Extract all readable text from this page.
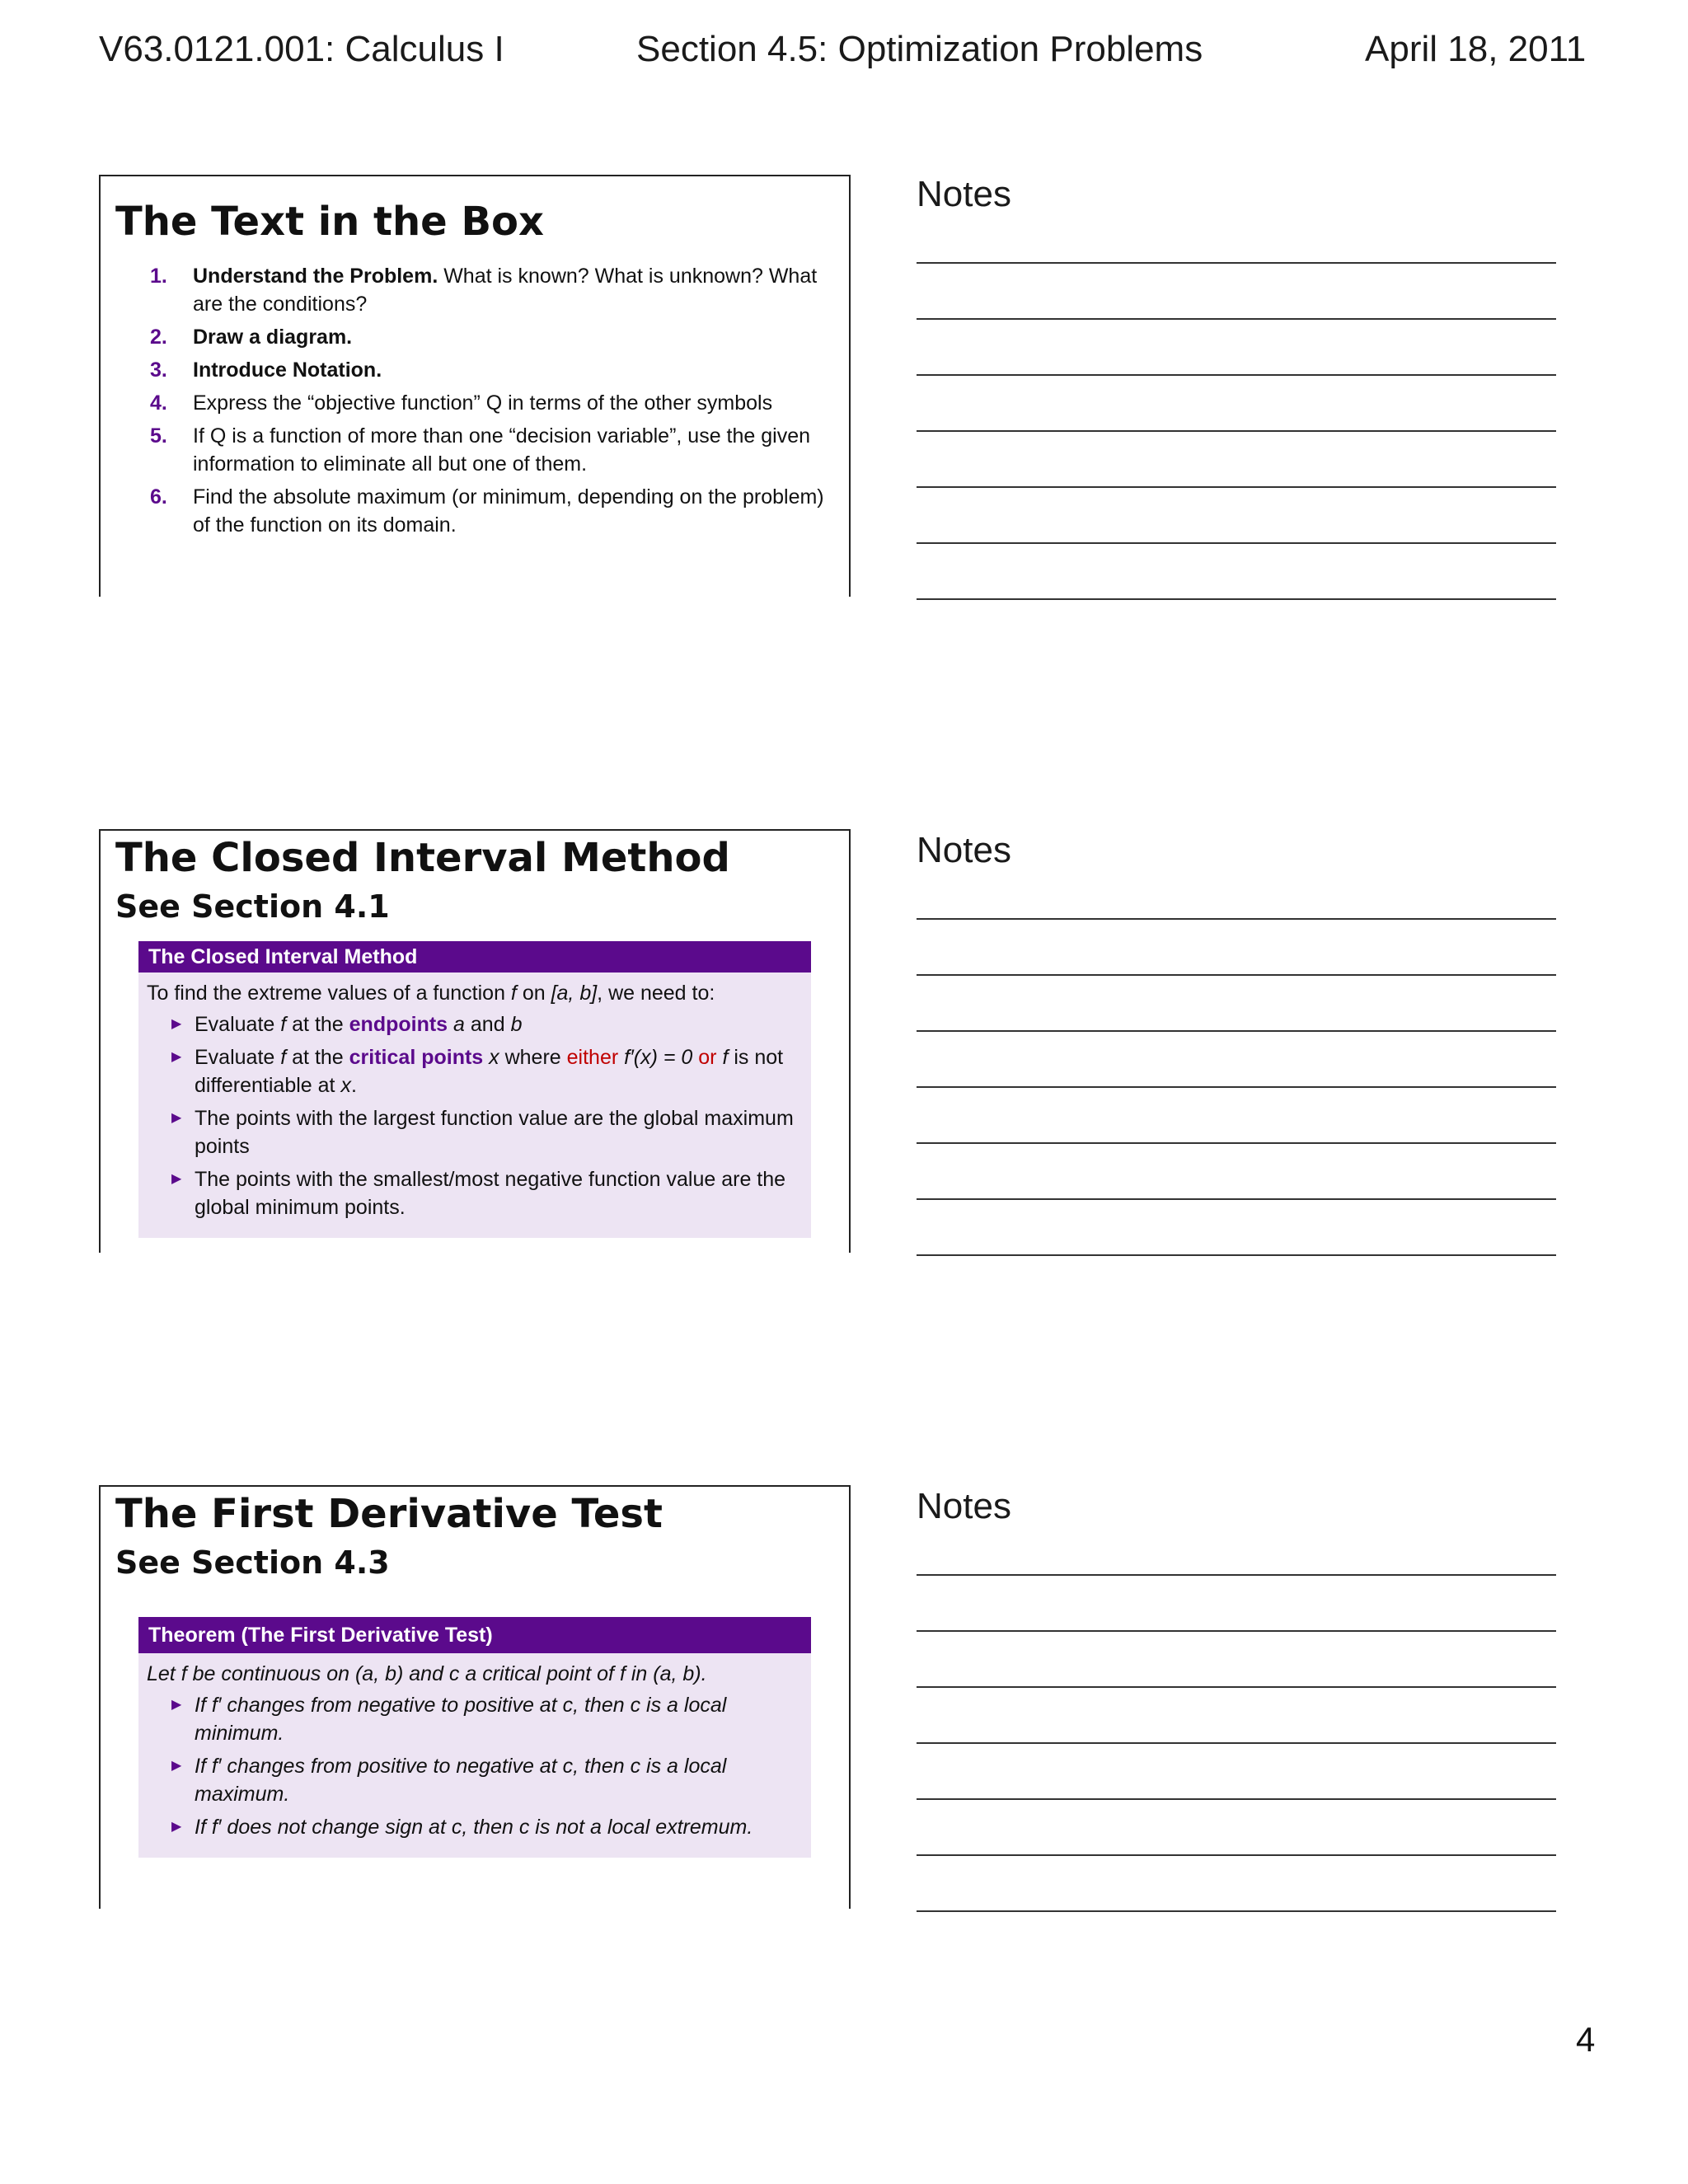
V63.0121.001: Calculus I	Section 4.5: Optimization Problems	April 18, 2011
The Text in the Box
1. Understand the Problem. What is known? What is unknown? What are the conditions?
2. Draw a diagram.
3. Introduce Notation.
4. Express the “objective function” Q in terms of the other symbols
5. If Q is a function of more than one “decision variable”, use the given information to eliminate all but one of them.
6. Find the absolute maximum (or minimum, depending on the problem) of the function on its domain.
Notes
The Closed Interval Method
See Section 4.1
The Closed Interval Method

To find the extreme values of a function f on [a, b], we need to:

▶ Evaluate f at the endpoints a and b
▶ Evaluate f at the critical points x where either f′(x) = 0 or f is not differentiable at x.
▶ The points with the largest function value are the global maximum points
▶ The points with the smallest/most negative function value are the global minimum points.
Notes
The First Derivative Test
See Section 4.3
Theorem (The First Derivative Test)

Let f be continuous on (a, b) and c a critical point of f in (a, b).

▶ If f′ changes from negative to positive at c, then c is a local minimum.
▶ If f′ changes from positive to negative at c, then c is a local maximum.
▶ If f′ does not change sign at c, then c is not a local extremum.
Notes
4
